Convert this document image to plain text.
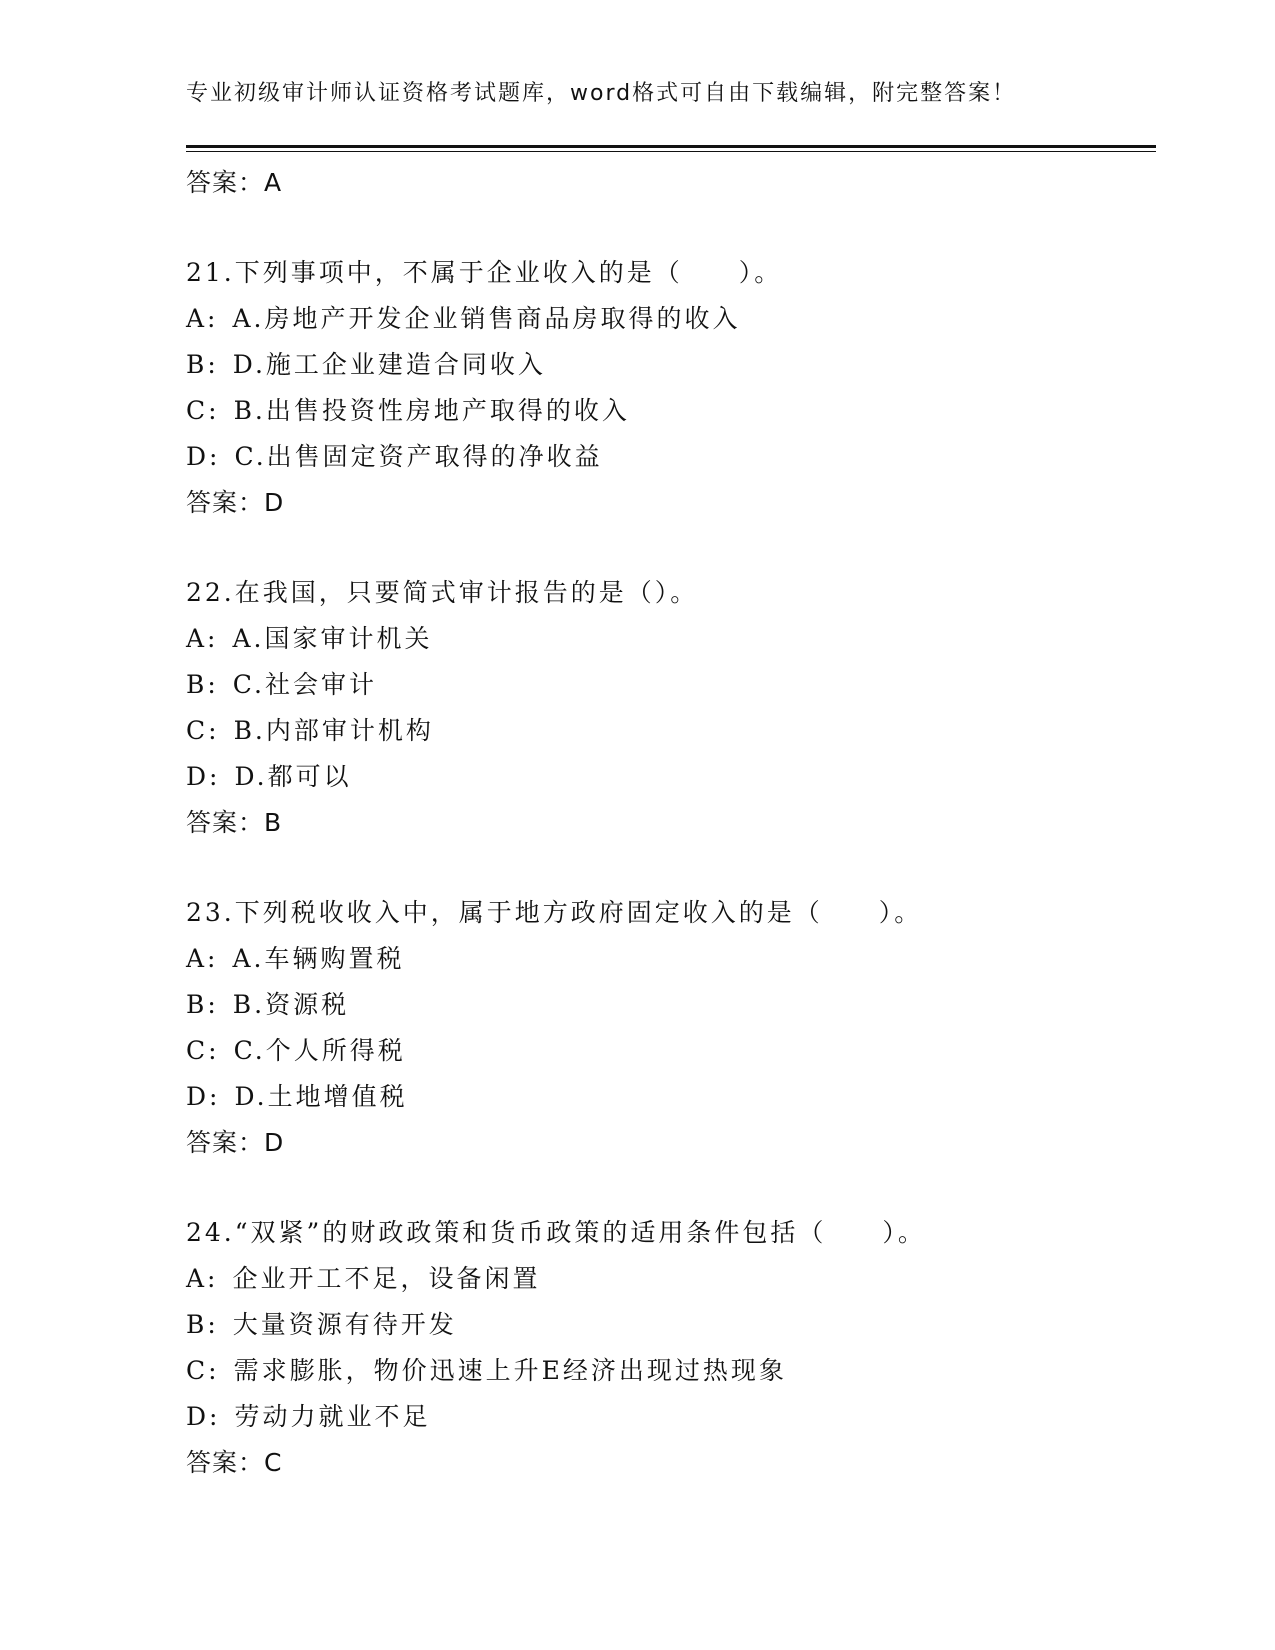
专业初级审计师认证资格考试题库，word格式可自由下载编辑，附完整答案！
答案：A
21.下列事项中，不属于企业收入的是（　　）。
A: A.房地产开发企业销售商品房取得的收入
B: D.施工企业建造合同收入
C: B.出售投资性房地产取得的收入
D: C.出售固定资产取得的净收益
答案：D
22.在我国，只要简式审计报告的是（）。
A: A.国家审计机关
B: C.社会审计
C: B.内部审计机构
D: D.都可以
答案：B
23.下列税收收入中，属于地方政府固定收入的是（　　）。
A: A.车辆购置税
B: B.资源税
C: C.个人所得税
D: D.土地增值税
答案：D
24.“双紧”的财政政策和货币政策的适用条件包括（　　）。
A: 企业开工不足，设备闲置
B: 大量资源有待开发
C: 需求膨胀，物价迅速上升E经济出现过热现象
D: 劳动力就业不足
答案：C
